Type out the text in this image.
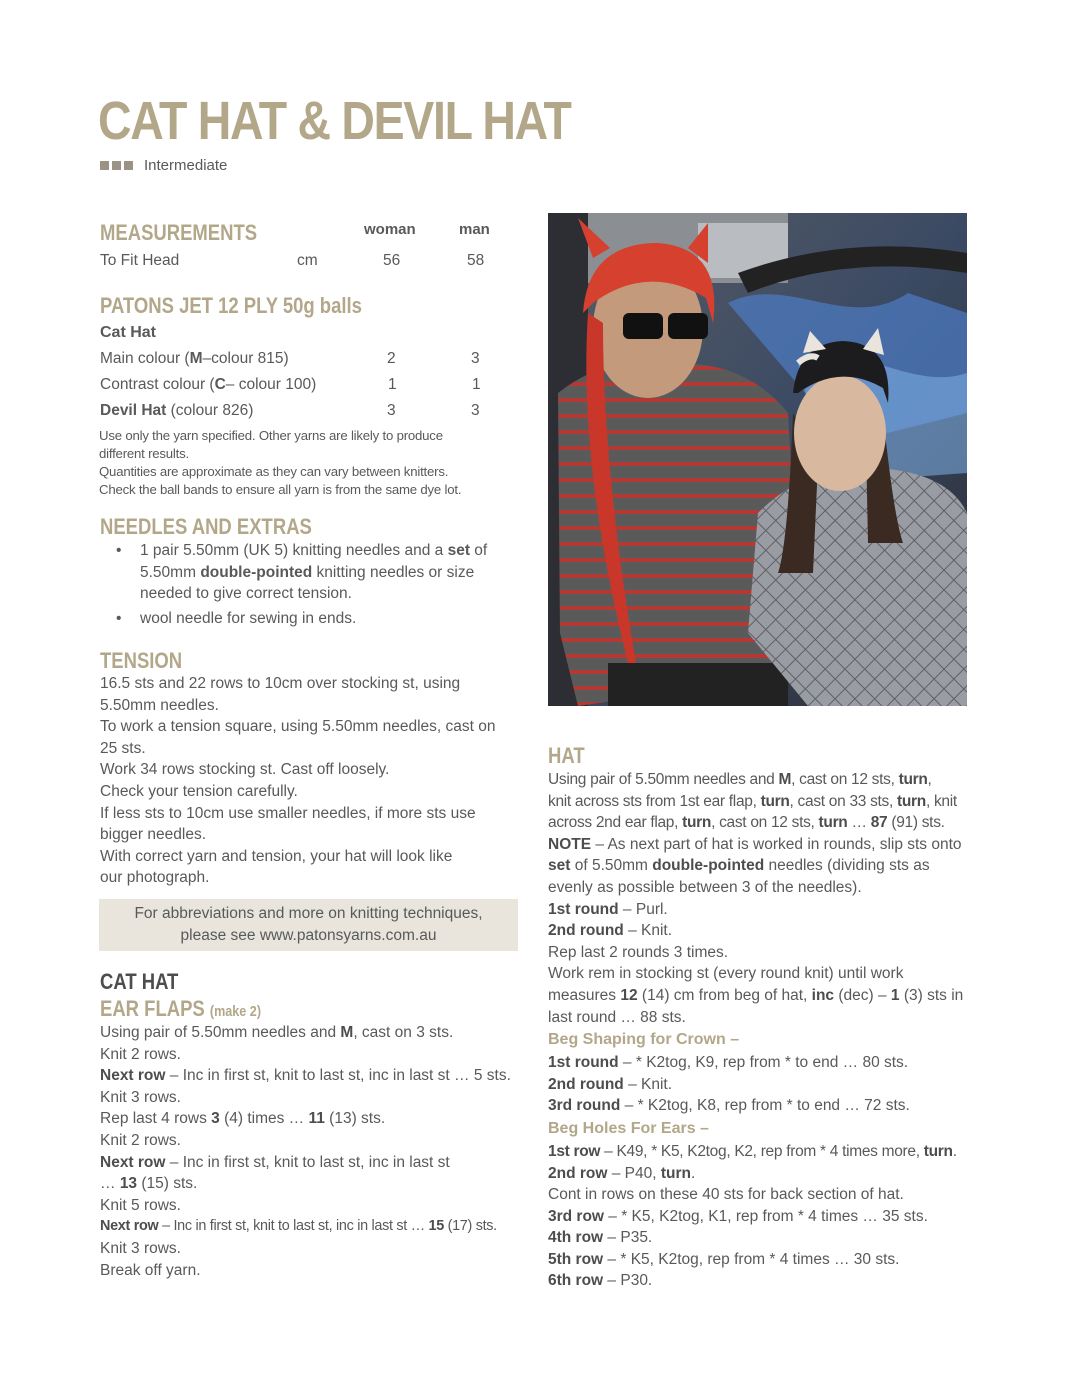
CAT HAT & DEVIL HAT
Intermediate
MEASUREMENTS	woman	man
To Fit Head	cm	56	58
PATONS JET 12 PLY 50g balls
Cat Hat
Main colour (M–colour 815)	2	3
Contrast colour (C– colour 100)	1	1
Devil Hat (colour 826)	3	3
Use only the yarn specified. Other yarns are likely to produce
different results.
Quantities are approximate as they can vary between knitters.
Check the ball bands to ensure all yarn is from the same dye lot.
NEEDLES AND EXTRAS
• 1 pair 5.50mm (UK 5) knitting needles and a set of
5.50mm double-pointed knitting needles or size
needed to give correct tension.
• wool needle for sewing in ends.
TENSION

16.5 sts and 22 rows to 10cm over stocking st, using

5.50mm needles.

To work a tension square, using 5.50mm needles, cast on

25 sts.

Work 34 rows stocking st. Cast off loosely.

Check your tension carefully.

If less sts to 10cm use smaller needles, if more sts use

bigger needles.

With correct yarn and tension, your hat will look like

our photograph.

For abbreviations and more on knitting techniques,
please see www.patonsyarns.com.au
CAT HAT
EAR FLAPS (make 2)

Using pair of 5.50mm needles and M, cast on 3 sts.

Knit 2 rows.

Next row – Inc in first st, knit to last st, inc in last st … 5 sts.

Knit 3 rows.

Rep last 4 rows 3 (4) times … 11 (13) sts.

Knit 2 rows.

Next row – Inc in first st, knit to last st, inc in last st

… 13 (15) sts.

Knit 5 rows.

Next row – Inc in first st, knit to last st, inc in last st … 15 (17) sts.

Knit 3 rows.

Break off yarn.

HAT

Using pair of 5.50mm needles and M, cast on 12 sts, turn,

knit across sts from 1st ear flap, turn, cast on 33 sts, turn, knit

across 2nd ear flap, turn, cast on 12 sts, turn … 87 (91) sts.

NOTE – As next part of hat is worked in rounds, slip sts onto

set of 5.50mm double-pointed needles (dividing sts as

evenly as possible between 3 of the needles).

1st round – Purl.

2nd round – Knit.

Rep last 2 rounds 3 times.

Work rem in stocking st (every round knit) until work

measures 12 (14) cm from beg of hat, inc (dec) – 1 (3) sts in

last round … 88 sts.

Beg Shaping for Crown –

1st round – * K2tog, K9, rep from * to end … 80 sts.

2nd round – Knit.

3rd round – * K2tog, K8, rep from * to end … 72 sts.

Beg Holes For Ears –

1st row – K49, * K5, K2tog, K2, rep from * 4 times more, turn.

2nd row – P40, turn.

Cont in rows on these 40 sts for back section of hat.

3rd row – * K5, K2tog, K1, rep from * 4 times … 35 sts.

4th row – P35.

5th row – * K5, K2tog, rep from * 4 times … 30 sts.

6th row – P30.
